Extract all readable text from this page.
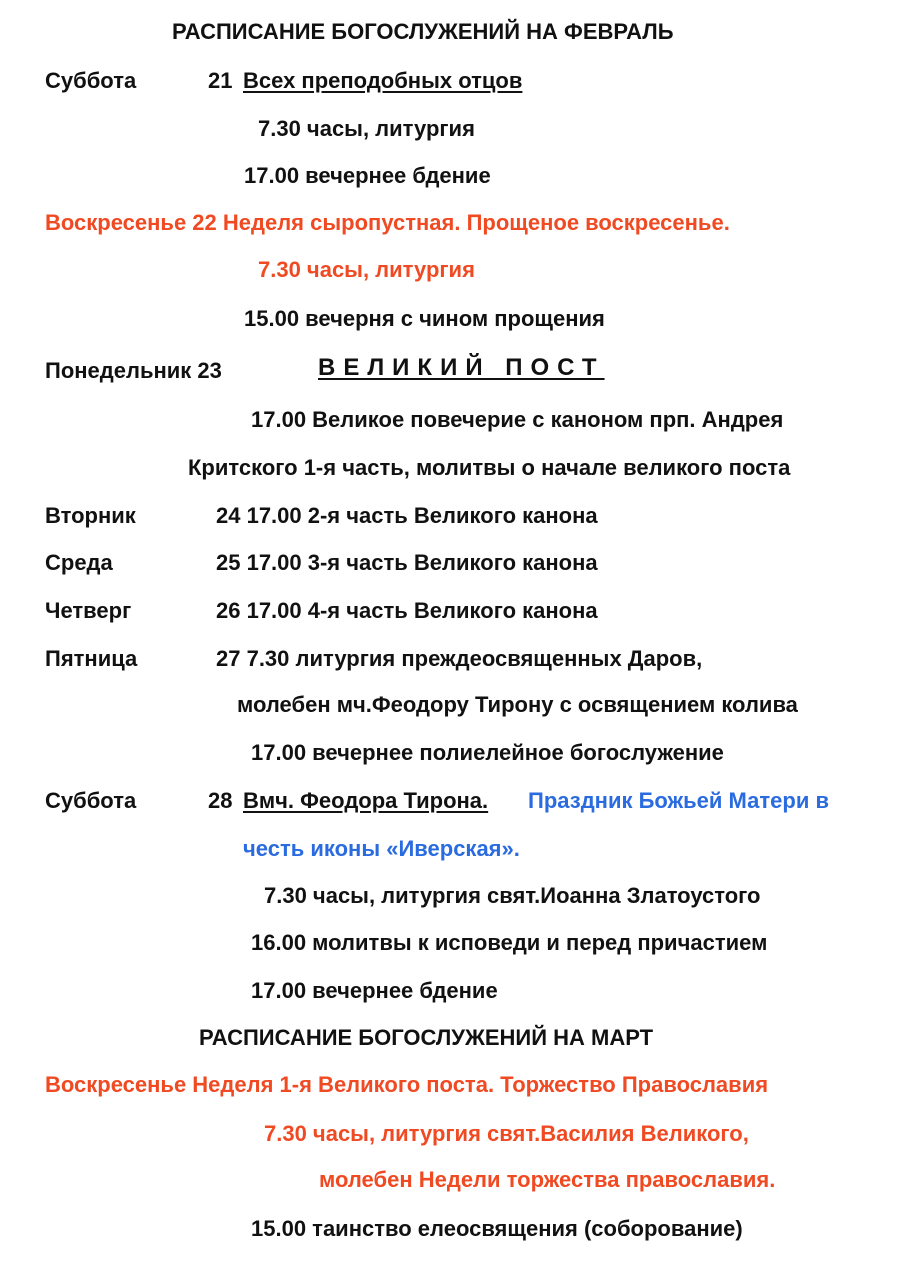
РАСПИСАНИЕ БОГОСЛУЖЕНИЙ НА ФЕВРАЛЬ
Суббота	21 Всех преподобных отцов
7.30 часы, литургия
17.00 вечернее бдение
Воскресенье 22 Неделя сыропустная. Прощеное воскресенье.
7.30 часы, литургия
15.00 вечерня с чином прощения
Понедельник 23	ВЕЛИКИЙ ПОСТ
17.00 Великое повечерие с каноном прп. Андрея
Критского 1-я часть, молитвы о начале великого поста
Вторник	24 17.00 2-я часть Великого канона
Среда	25 17.00 3-я часть Великого канона
Четверг	26 17.00 4-я часть Великого канона
Пятница	27 7.30 литургия преждеосвященных Даров,
молебен мч.Феодору Тирону с освящением колива
17.00 вечернее полиелейное богослужение
Суббота	28 Вмч. Феодора Тирона. Праздник Божьей Матери в
честь иконы «Иверская».
7.30 часы, литургия свят.Иоанна Златоустого
16.00 молитвы к исповеди и перед причастием
17.00 вечернее бдение
РАСПИСАНИЕ БОГОСЛУЖЕНИЙ НА МАРТ
Воскресенье Неделя 1-я Великого поста. Торжество Православия
7.30 часы, литургия свят.Василия Великого,
молебен Недели торжества православия.
15.00 таинство елеосвящения (соборование)
